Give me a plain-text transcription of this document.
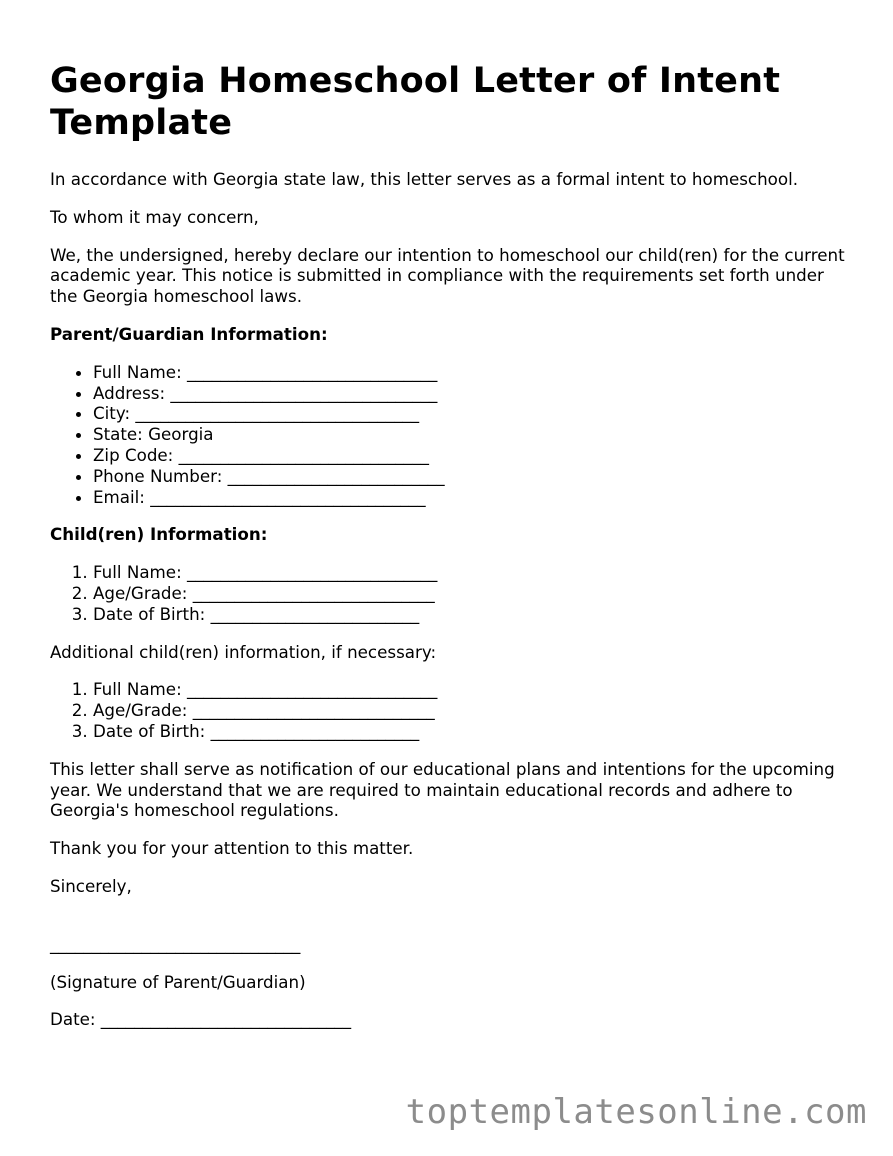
Georgia Homeschool Letter of Intent Template

In accordance with Georgia state law, this letter serves as a formal intent to homeschool.

To whom it may concern,

We, the undersigned, hereby declare our intention to homeschool our child(ren) for the current academic year. This notice is submitted in compliance with the requirements set forth under the Georgia homeschool laws.

Parent/Guardian Information:

• Full Name: ______________________________
• Address: ________________________________
• City: __________________________________
• State: Georgia
• Zip Code: ______________________________
• Phone Number: __________________________
• Email: _________________________________

Child(ren) Information:

1. Full Name: ______________________________
2. Age/Grade: _____________________________
3. Date of Birth: _________________________

Additional child(ren) information, if necessary:

1. Full Name: ______________________________
2. Age/Grade: _____________________________
3. Date of Birth: _________________________

This letter shall serve as notification of our educational plans and intentions for the upcoming year. We understand that we are required to maintain educational records and adhere to Georgia's homeschool regulations.

Thank you for your attention to this matter.

Sincerely,

______________________________

(Signature of Parent/Guardian)

Date: ______________________________

toptemplatesonline.com
